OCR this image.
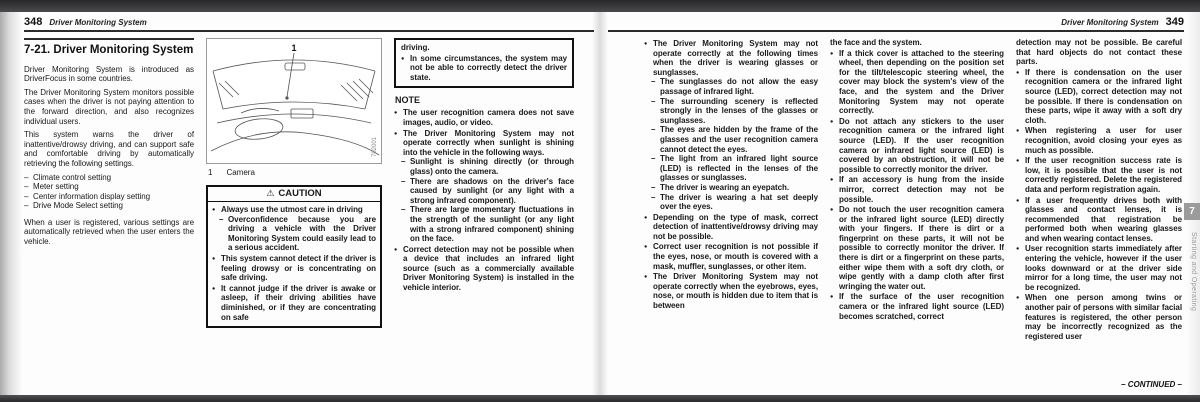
348 Driver Monitoring System	Driver Monitoring System 349
7-21. Driver Monitoring System
Driver Monitoring System is introduced as DriverFocus in some countries.
The Driver Monitoring System monitors possible cases when the driver is not paying attention to the forward direction, and also recognizes individual users.
This system warns the driver of inattentive/drowsy driving, and can support safe and comfortable driving by automatically retrieving the following settings.
– Climate control setting
– Meter setting
– Center information display setting
– Drive Mode Select setting
When a user is registered, various settings are automatically retrieved when the user enters the vehicle.
1
702001
1 Camera
⚠ CAUTION
● Always use the utmost care in driving
– Overconfidence because you are driving a vehicle with the Driver Monitoring System could easily lead to a serious accident.
● This system cannot detect if the driver is feeling drowsy or is concentrating on safe driving.
● It cannot judge if the driver is awake or asleep, if their driving abilities have diminished, or if they are concentrating on safe
driving.
● In some circumstances, the system may not be able to correctly detect the driver state.
NOTE
● The user recognition camera does not save images, audio, or video.
● The Driver Monitoring System may not operate correctly when sunlight is shining into the vehicle in the following ways.
– Sunlight is shining directly (or through glass) onto the camera.
– There are shadows on the driver's face caused by sunlight (or any light with a strong infrared component).
– There are large momentary fluctuations in the strength of the sunlight (or any light with a strong infrared component) shining on the face.
● Correct detection may not be possible when a device that includes an infrared light source (such as a commercially available Driver Monitoring System) is installed in the vehicle interior.
● The Driver Monitoring System may not operate correctly at the following times when the driver is wearing glasses or sunglasses.
– The sunglasses do not allow the easy passage of infrared light.
– The surrounding scenery is reflected strongly in the lenses of the glasses or sunglasses.
– The eyes are hidden by the frame of the glasses and the user recognition camera cannot detect the eyes.
– The light from an infrared light source (LED) is reflected in the lenses of the glasses or sunglasses.
– The driver is wearing an eyepatch.
– The driver is wearing a hat set deeply over the eyes.
● Depending on the type of mask, correct detection of inattentive/drowsy driving may not be possible.
● Correct user recognition is not possible if the eyes, nose, or mouth is covered with a mask, muffler, sunglasses, or other item.
● The Driver Monitoring System may not operate correctly when the eyebrows, eyes, nose, or mouth is hidden due to item that is between
the face and the system.
● If a thick cover is attached to the steering wheel, then depending on the position set for the tilt/telescopic steering wheel, the cover may block the system's view of the face, and the system and the Driver Monitoring System may not operate correctly.
● Do not attach any stickers to the user recognition camera or the infrared light source (LED). If the user recognition camera or infrared light source (LED) is covered by an obstruction, it will not be possible to correctly monitor the driver.
● If an accessory is hung from the inside mirror, correct detection may not be possible.
● Do not touch the user recognition camera or the infrared light source (LED) directly with your fingers. If there is dirt or a fingerprint on these parts, it will not be possible to correctly monitor the driver. If there is dirt or a fingerprint on these parts, either wipe them with a soft dry cloth, or wipe gently with a damp cloth after first wringing the water out.
● If the surface of the user recognition camera or the infrared light source (LED) becomes scratched, correct
detection may not be possible. Be careful that hard objects do not contact these parts.
● If there is condensation on the user recognition camera or the infrared light source (LED), correct detection may not be possible. If there is condensation on these parts, wipe it away with a soft dry cloth.
● When registering a user for user recognition, avoid closing your eyes as much as possible.
● If the user recognition success rate is low, it is possible that the user is not correctly registered. Delete the registered data and perform registration again.
● If a user frequently drives both with glasses and contact lenses, it is recommended that registration be performed both when wearing glasses and when wearing contact lenses.
● User recognition starts immediately after entering the vehicle, however if the user looks downward or at the driver side mirror for a long time, the user may not be recognized.
● When one person among twins or another pair of persons with similar facial features is registered, the other person may be incorrectly recognized as the registered user
– CONTINUED –
7
Starting and Operating
